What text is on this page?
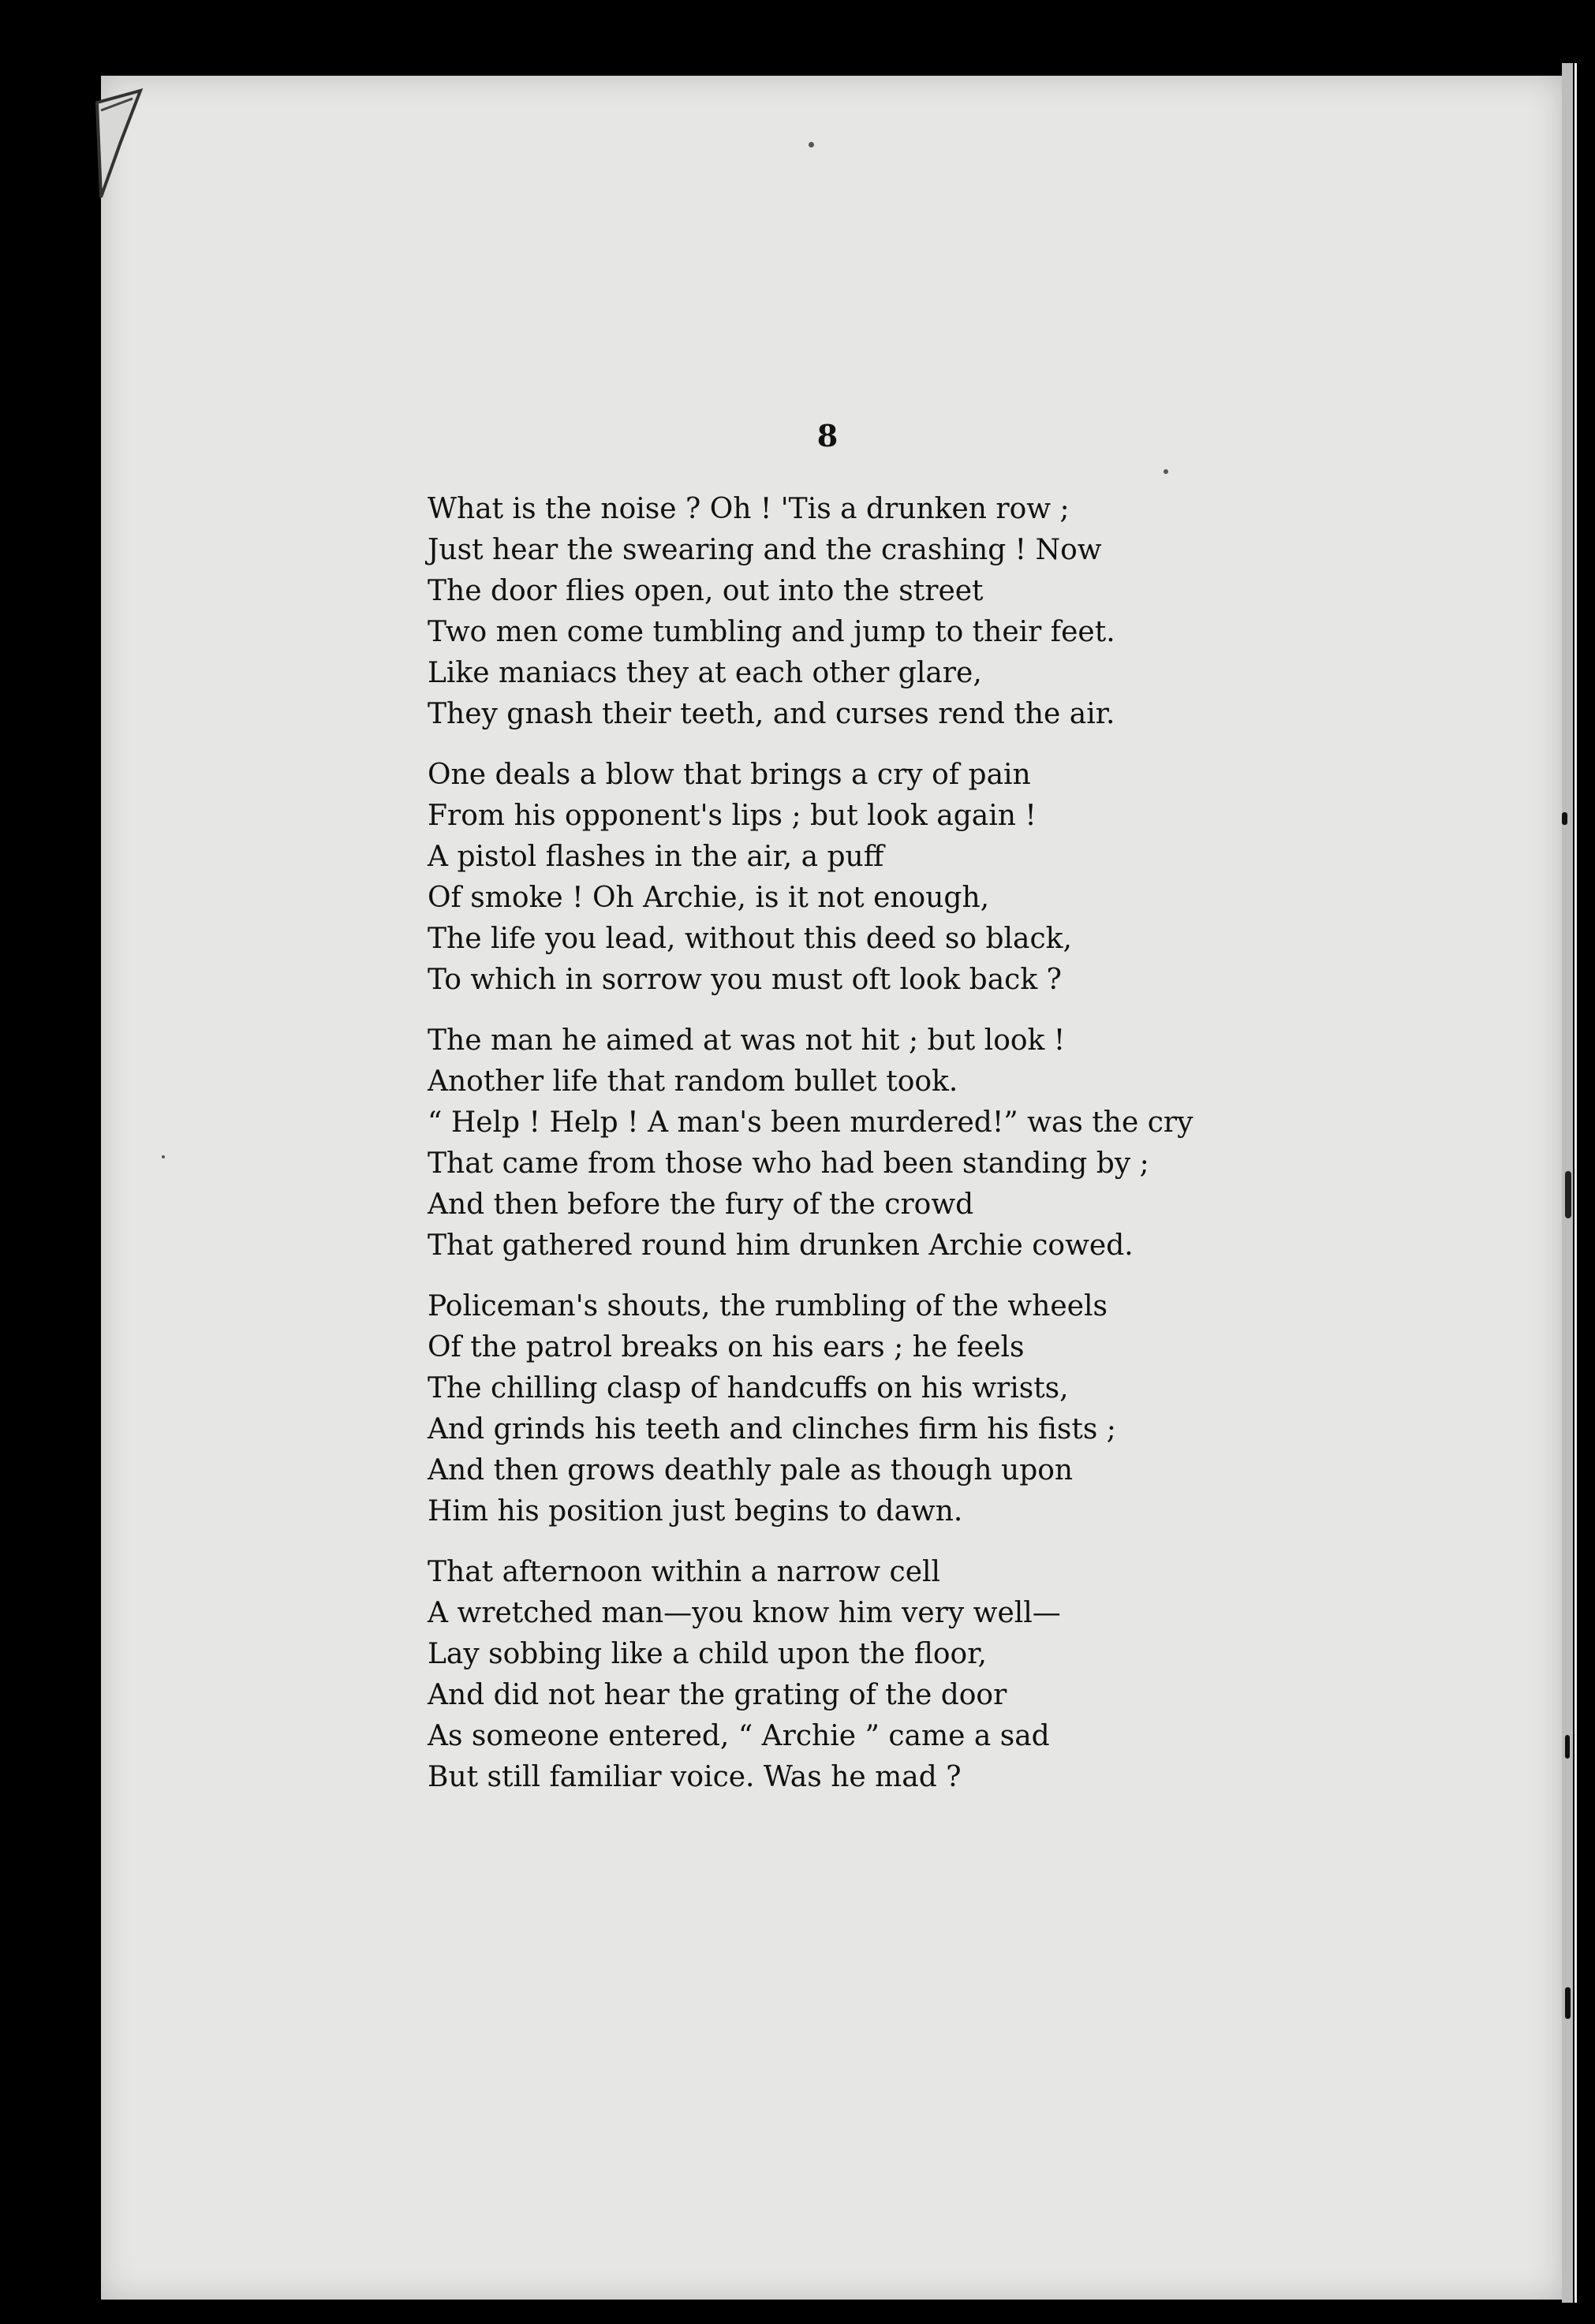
8
What is the noise ? Oh ! 'Tis a drunken row ;
Just hear the swearing and the crashing ! Now
The door flies open, out into the street
Two men come tumbling and jump to their feet.
Like maniacs they at each other glare,
They gnash their teeth, and curses rend the air.
One deals a blow that brings a cry of pain
From his opponent's lips ; but look again !
A pistol flashes in the air, a puff
Of smoke ! Oh Archie, is it not enough,
The life you lead, without this deed so black,
To which in sorrow you must oft look back ?
The man he aimed at was not hit ; but look !
Another life that random bullet took.
“ Help ! Help ! A man's been murdered!” was the cry
That came from those who had been standing by ;
And then before the fury of the crowd
That gathered round him drunken Archie cowed.
Policeman's shouts, the rumbling of the wheels
Of the patrol breaks on his ears ; he feels
The chilling clasp of handcuffs on his wrists,
And grinds his teeth and clinches firm his fists ;
And then grows deathly pale as though upon
Him his position just begins to dawn.
That afternoon within a narrow cell
A wretched man—you know him very well—
Lay sobbing like a child upon the floor,
And did not hear the grating of the door
As someone entered, “ Archie ” came a sad
But still familiar voice. Was he mad ?
